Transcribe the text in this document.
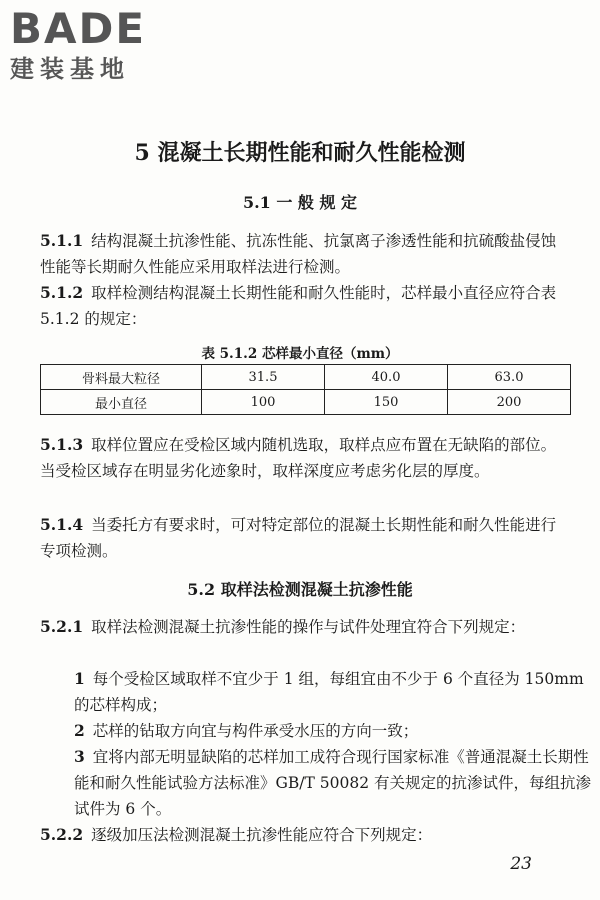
BADE
建装基地
5 混凝土长期性能和耐久性能检测
5.1 一 般 规 定
5.1.1 结构混凝土抗渗性能、抗冻性能、抗氯离子渗透性能和抗硫酸盐侵蚀性能等长期耐久性能应采用取样法进行检测。
5.1.2 取样检测结构混凝土长期性能和耐久性能时，芯样最小直径应符合表 5.1.2 的规定：
表 5.1.2 芯样最小直径（mm）
骨料最大粒径	31.5	40.0	63.0
最小直径	100	150	200
5.1.3 取样位置应在受检区域内随机选取，取样点应布置在无缺陷的部位。当受检区域存在明显劣化迹象时，取样深度应考虑劣化层的厚度。
5.1.4 当委托方有要求时，可对特定部位的混凝土长期性能和耐久性能进行专项检测。
5.2 取样法检测混凝土抗渗性能
5.2.1 取样法检测混凝土抗渗性能的操作与试件处理宜符合下列规定：
1 每个受检区域取样不宜少于 1 组，每组宜由不少于 6 个直径为 150mm 的芯样构成；
2 芯样的钻取方向宜与构件承受水压的方向一致；
3 宜将内部无明显缺陷的芯样加工成符合现行国家标准《普通混凝土长期性能和耐久性能试验方法标准》GB/T 50082 有关规定的抗渗试件，每组抗渗试件为 6 个。
5.2.2 逐级加压法检测混凝土抗渗性能应符合下列规定：
23
